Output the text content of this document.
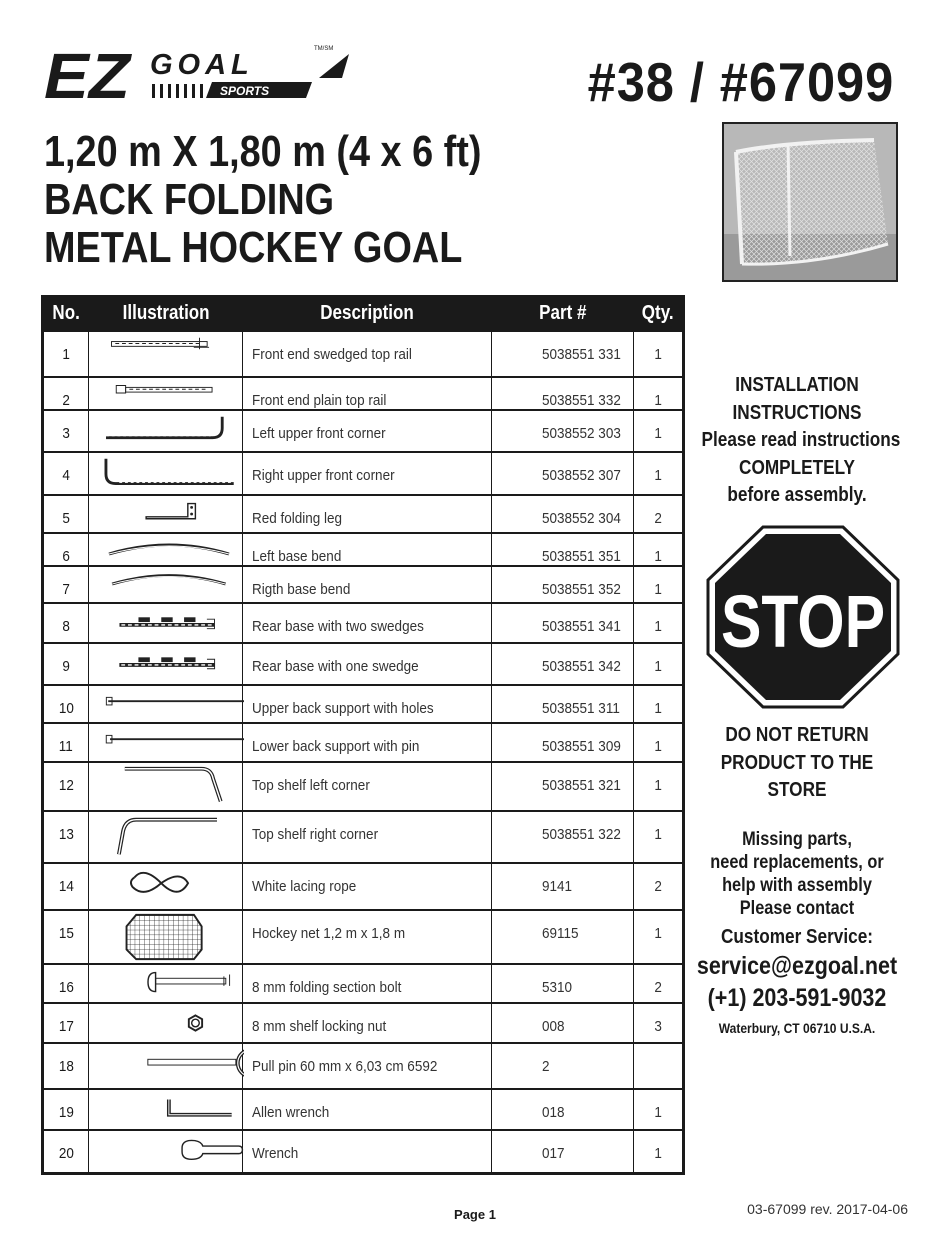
EZ GOAL
SPORTS
TM/SM
#38 / #67099
1,20 m X 1,80 m (4 x 6 ft)
BACK FOLDING
METAL HOCKEY GOAL
No.	Illustration	Description	Part #	Qty.
1		Front end swedged top rail	5038551 331	1
2		Front end plain top rail	5038551 332	1
3		Left upper front corner	5038552 303	1
4		Right upper front corner	5038552 307	1
5		Red folding leg	5038552 304	2
6		Left base bend	5038551 351	1
7		Rigth base bend	5038551 352	1
8		Rear base with two swedges	5038551 341	1
9		Rear base with one swedge	5038551 342	1
10		Upper back support with holes	5038551 311	1
11		Lower back support with pin	5038551 309	1
12		Top shelf left corner	5038551 321	1
13		Top shelf right corner	5038551 322	1
14		White lacing rope	9141	2
15		Hockey net 1,2 m x 1,8 m	69115	1
16		8 mm folding section bolt	5310	2
17		8 mm shelf locking nut	008	3
18		Pull pin 60 mm x 6,03 cm 6592	2	
19		Allen wrench	018	1
20		Wrench	017	1
INSTALLATION
INSTRUCTIONS
Please read instructions
COMPLETELY
before assembly.
STOP
DO NOT RETURN
PRODUCT TO THE
STORE
Missing parts,
need replacements, or
help with assembly
Please contact
Customer Service:
service@ezgoal.net
(+1) 203-591-9032
Waterbury, CT 06710 U.S.A.
Page 1	03-67099 rev. 2017-04-06
